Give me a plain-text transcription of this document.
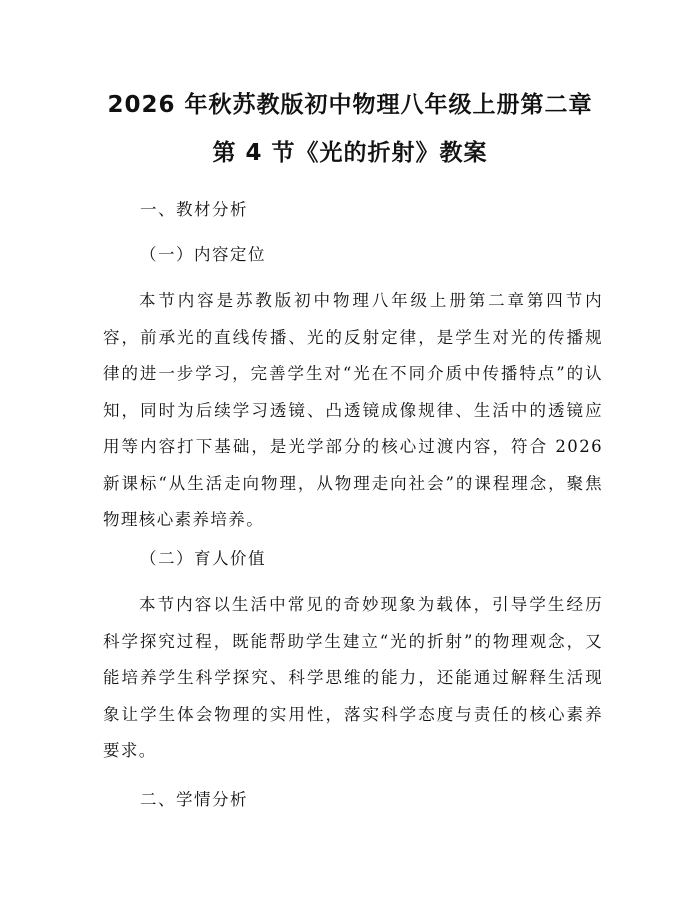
2026 年秋苏教版初中物理八年级上册第二章
第 4 节《光的折射》教案
一、教材分析
（一）内容定位

本节内容是苏教版初中物理八年级上册第二章第四节内容，前承光的直线传播、光的反射定律，是学生对光的传播规律的进一步学习，完善学生对“光在不同介质中传播特点”的认知，同时为后续学习透镜、凸透镜成像规律、生活中的透镜应用等内容打下基础，是光学部分的核心过渡内容，符合 2026 新课标“从生活走向物理，从物理走向社会”的课程理念，聚焦物理核心素养培养。

（二）育人价值

本节内容以生活中常见的奇妙现象为载体，引导学生经历科学探究过程，既能帮助学生建立“光的折射”的物理观念，又能培养学生科学探究、科学思维的能力，还能通过解释生活现象让学生体会物理的实用性，落实科学态度与责任的核心素养要求。

二、学情分析
